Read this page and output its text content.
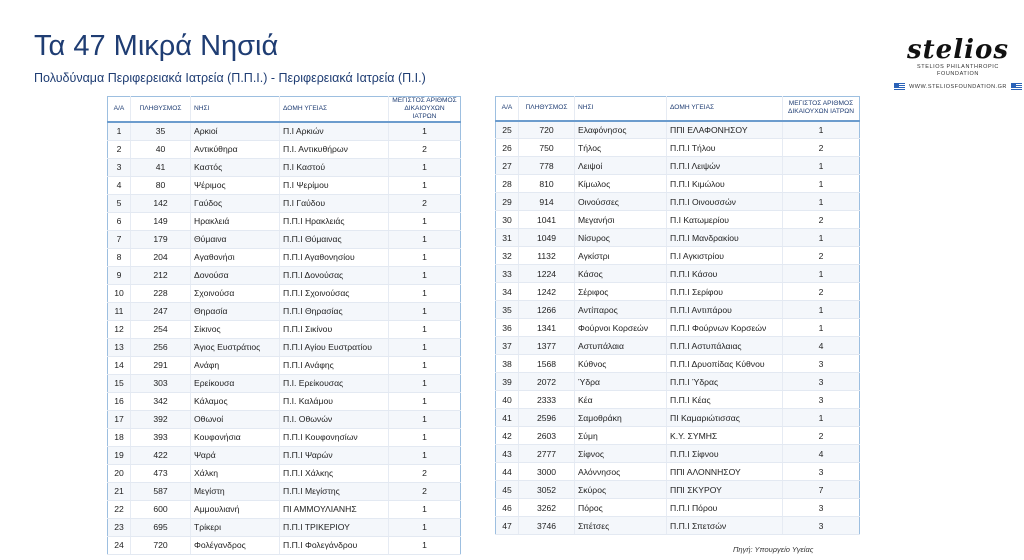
Τα 47 Μικρά Νησιά
Πολυδύναμα Περιφερειακά Ιατρεία (Π.Π.Ι.) - Περιφερειακά Ιατρεία (Π.Ι.)
stelios
STELIOS PHILANTHROPIC
FOUNDATION
WWW.STELIOSFOUNDATION.GR
Α/Α	ΠΛΗΘΥΣΜΟΣ	ΝΗΣΙ	ΔΟΜΗ ΥΓΕΙΑΣ	ΜΕΓΙΣΤΟΣ ΑΡΙΘΜΟΣ ΔΙΚΑΙΟΥΧΩΝ ΙΑΤΡΩΝ
1	35	Αρκιοί	Π.Ι Αρκιών	1
2	40	Αντικύθηρα	Π.Ι. Αντικυθήρων	2
3	41	Καστός	Π.Ι Καστού	1
4	80	Ψέριμος	Π.Ι Ψερίμου	1
5	142	Γαύδος	Π.Ι Γαύδου	2
6	149	Ηρακλειά	Π.Π.Ι Ηρακλειάς	1
7	179	Θύμαινα	Π.Π.Ι Θύμαινας	1
8	204	Αγαθονήσι	Π.Π.Ι Αγαθονησίου	1
9	212	Δονούσα	Π.Π.Ι Δονούσας	1
10	228	Σχοινούσα	Π.Π.Ι Σχοινούσας	1
11	247	Θηρασία	Π.Π.Ι Θηρασίας	1
12	254	Σίκινος	Π.Π.Ι Σικίνου	1
13	256	Άγιος Ευστράτιος	Π.Π.Ι Αγίου Ευστρατίου	1
14	291	Ανάφη	Π.Π.Ι Ανάφης	1
15	303	Ερείκουσα	Π.Ι. Ερείκουσας	1
16	342	Κάλαμος	Π.Ι. Καλάμου	1
17	392	Οθωνοί	Π.Ι. Οθωνών	1
18	393	Κουφονήσια	Π.Π.Ι Κουφονησίων	1
19	422	Ψαρά	Π.Π.Ι Ψαρών	1
20	473	Χάλκη	Π.Π.Ι Χάλκης	2
21	587	Μεγίστη	Π.Π.Ι Μεγίστης	2
22	600	Αμμουλιανή	ΠΙ ΑΜΜΟΥΛΙΑΝΗΣ	1
23	695	Τρίκερι	Π.Π.Ι ΤΡΙΚΕΡΙΟΥ	1
24	720	Φολέγανδρος	Π.Π.Ι Φολεγάνδρου	1
Α/Α	ΠΛΗΘΥΣΜΟΣ	ΝΗΣΙ	ΔΟΜΗ ΥΓΕΙΑΣ	ΜΕΓΙΣΤΟΣ ΑΡΙΘΜΟΣ ΔΙΚΑΙΟΥΧΩΝ ΙΑΤΡΩΝ
25	720	Ελαφόνησος	ΠΠΙ ΕΛΑΦΟΝΗΣΟΥ	1
26	750	Τήλος	Π.Π.Ι Τήλου	2
27	778	Λειψοί	Π.Π.Ι Λειψών	1
28	810	Κίμωλος	Π.Π.Ι Κιμώλου	1
29	914	Οινούσσες	Π.Π.Ι Οινουσσών	1
30	1041	Μεγανήσι	Π.Ι Κατωμερίου	2
31	1049	Νίσυρος	Π.Π.Ι Μανδρακίου	1
32	1132	Αγκίστρι	Π.Ι Αγκιστρίου	2
33	1224	Κάσος	Π.Π.Ι Κάσου	1
34	1242	Σέριφος	Π.Π.Ι Σερίφου	2
35	1266	Αντίπαρος	Π.Π.Ι Αντιπάρου	1
36	1341	Φούρνοι Κορσεών	Π.Π.Ι Φούρνων Κορσεών	1
37	1377	Αστυπάλαια	Π.Π.Ι Αστυπάλαιας	4
38	1568	Κύθνος	Π.Π.Ι Δρυοπίδας Κύθνου	3
39	2072	Ύδρα	Π.Π.Ι Ύδρας	3
40	2333	Κέα	Π.Π.Ι Κέας	3
41	2596	Σαμοθράκη	ΠΙ Καμαριώτισσας	1
42	2603	Σύμη	Κ.Υ. ΣΥΜΗΣ	2
43	2777	Σίφνος	Π.Π.Ι Σίφνου	4
44	3000	Αλόννησος	ΠΠΙ ΑΛΟΝΝΗΣΟΥ	3
45	3052	Σκύρος	ΠΠΙ ΣΚΥΡΟΥ	7
46	3262	Πόρος	Π.Π.Ι Πόρου	3
47	3746	Σπέτσες	Π.Π.Ι Σπετσών	3
Πηγή: Υπουργείο Υγείας
